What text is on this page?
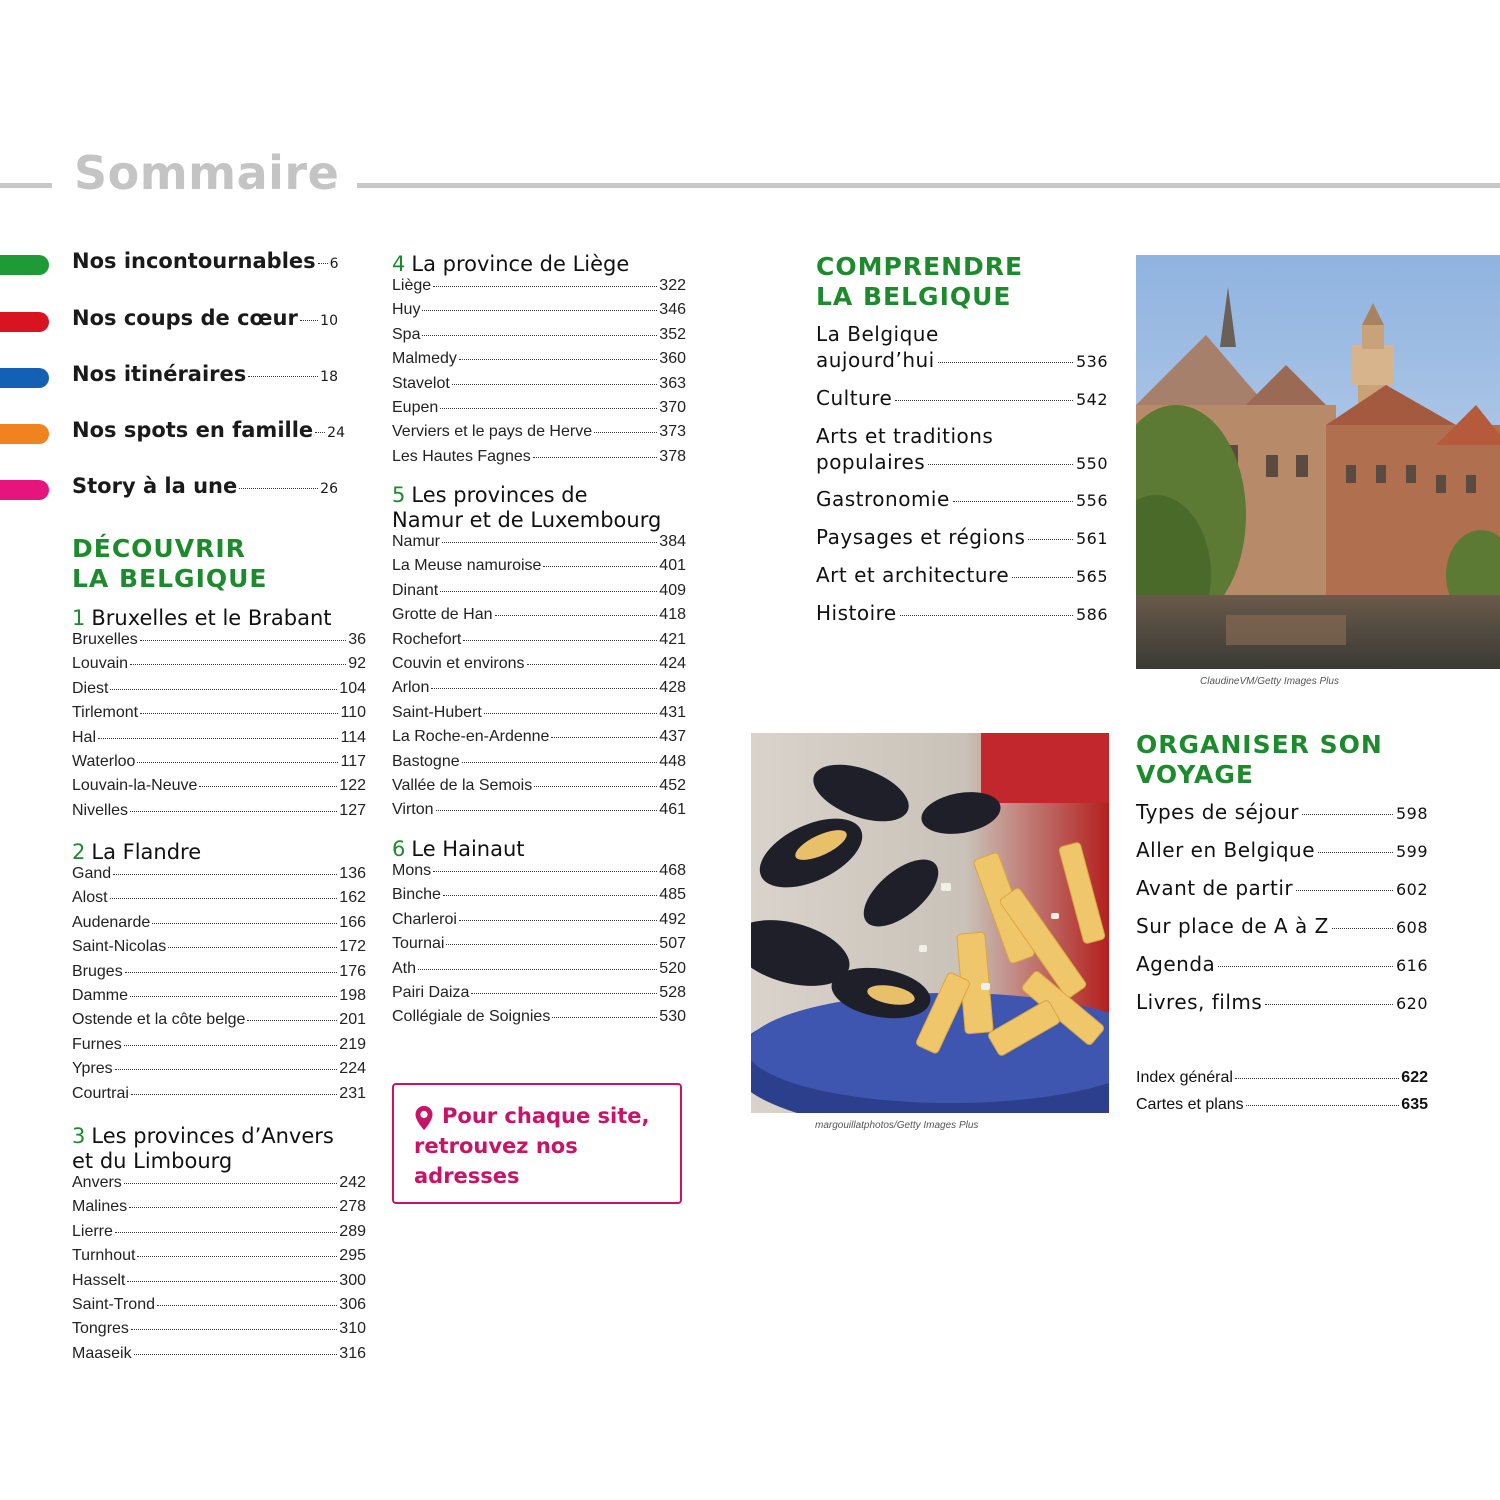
Sommaire
Nos incontournables 6
Nos coups de cœur 10
Nos itinéraires	18
Nos spots en famille 24
Story à la une	26
DÉCOUVRIR
LA BELGIQUE
1 Bruxelles et le Brabant
Bruxelles	36
Louvain	92
Diest	104
Tirlemont	110
Hal	114
Waterloo	117
Louvain-la-Neuve	122
Nivelles	127
2 La Flandre
Gand	136
Alost	162
Audenarde	166
Saint-Nicolas	172
Bruges	176
Damme	198
Ostende et la côte belge	201
Furnes	219
Ypres	224
Courtrai	231
3 Les provinces d’Anvers
et du Limbourg
Anvers	242
Malines	278
Lierre	289
Turnhout	295
Hasselt	300
Saint-Trond	306
Tongres	310
Maaseik	316
4 La province de Liège
Liège	322
Huy	346
Spa	352
Malmedy	360
Stavelot	363
Eupen	370
Verviers et le pays de Herve	373
Les Hautes Fagnes	378
5 Les provinces de
Namur et de Luxembourg
Namur	384
La Meuse namuroise	401
Dinant	409
Grotte de Han	418
Rochefort	421
Couvin et environs	424
Arlon	428
Saint-Hubert	431
La Roche-en-Ardenne	437
Bastogne	448
Vallée de la Semois	452
Virton	461
6 Le Hainaut
Mons	468
Binche	485
Charleroi	492
Tournai	507
Ath	520
Pairi Daiza	528
Collégiale de Soignies	530
Pour chaque site, retrouvez nos adresses
COMPRENDRE
LA BELGIQUE
La Belgique
aujourd’hui	536
Culture	542
Arts et traditions
populaires	550
Gastronomie	556
Paysages et régions	561
Art et architecture	565
Histoire	586
ClaudineVM/Getty Images Plus
margouillatphotos/Getty Images Plus
ORGANISER SON
VOYAGE
Types de séjour	598
Aller en Belgique	599
Avant de partir	602
Sur place de A à Z	608
Agenda	616
Livres, films	620
Index général	622
Cartes et plans	635
